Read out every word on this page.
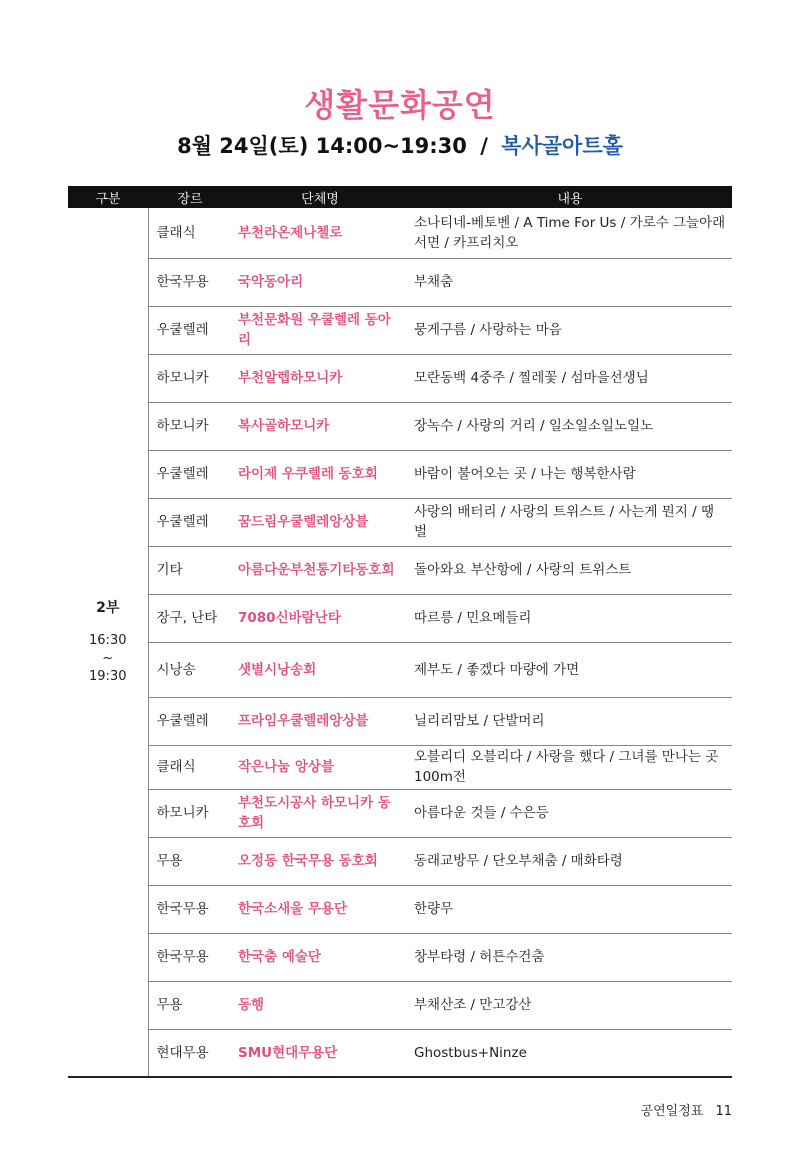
생활문화공연
8월 24일(토) 14:00~19:30 / 복사골아트홀
구분	장르	단체명	내용

2부
16:30
~
19:30	클래식	부천라온제나첼로	소나티네-베토벤 / A Time For Us / 가로수 그늘아래 서면 / 카프리치오
	한국무용	국악동아리	부채춤
	우쿨렐레	부천문화원 우쿨렐레 동아리	뭉게구름 / 사랑하는 마음
	하모니카	부천알렙하모니카	모란동백 4중주 / 찔레꽃 / 섬마을선생님
	하모니카	복사골하모니카	장녹수 / 사랑의 거리 / 일소일소일노일노
	우쿨렐레	라이제 우쿠렐레 동호회	바람이 불어오는 곳 / 나는 행복한사람
	우쿨렐레	꿈드림우쿨렐레앙상블	사랑의 배터리 / 사랑의 트위스트 / 사는게 뭔지 / 땡벌
	기타	아름다운부천통기타동호회	돌아와요 부산항에 / 사랑의 트위스트
	장구, 난타	7080신바람난타	따르릉 / 민요메들리
	시낭송	샛별시낭송회	제부도 / 좋겠다 마량에 가면
	우쿨렐레	프라임우쿨렐레앙상블	닐리리맘보 / 단발머리
	클래식	작은나눔 앙상블	오블리디 오블리다 / 사랑을 했다 / 그녀를 만나는 곳 100m전
	하모니카	부천도시공사 하모니카 동호회	아름다운 것들 / 수은등
	무용	오정동 한국무용 동호회	동래교방무 / 단오부채춤 / 매화타령
	한국무용	한국소새울 무용단	한량무
	한국무용	한국춤 예술단	창부타령 / 허튼수건춤
	무용	동행	부채산조 / 만고강산
	현대무용	SMU현대무용단	Ghostbus+Ninze
공연일정표 11
